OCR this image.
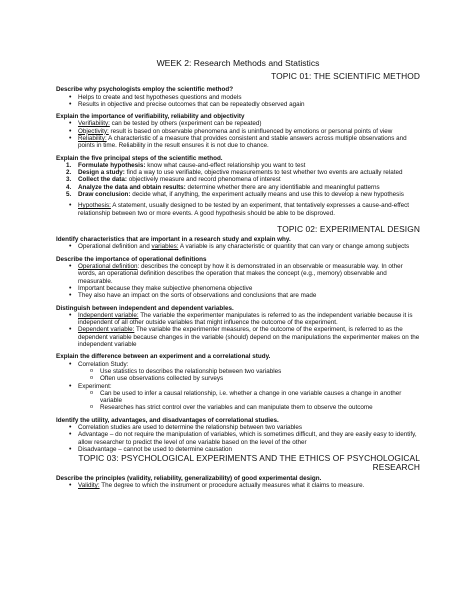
WEEK 2: Research Methods and Statistics
TOPIC 01: THE SCIENTIFIC METHOD
Describe why psychologists employ the scientific method?
• Helps to create and test hypotheses questions and models
• Results in objective and precise outcomes that can be repeatedly observed again
Explain the importance of verifiability, reliability and objectivity
• Verifiability: can be tested by others (experiment can be repeated)
• Objectivity: result is based on observable phenomena and is uninfluenced by emotions or personal points of view
• Reliability: A characteristic of a measure that provides consistent and stable answers across multiple observations and points in time. Reliability in the result ensures it is not due to chance.
Explain the five principal steps of the scientific method.
1. Formulate hypothesis: know what cause-and-effect relationship you want to test
2. Design a study: find a way to use verifiable, objective measurements to test whether two events are actually related
3. Collect the data: objectively measure and record phenomena of interest
4. Analyze the data and obtain results: determine whether there are any identifiable and meaningful patterns
5. Draw conclusion: decide what, if anything, the experiment actually means and use this to develop a new hypothesis
• Hypothesis: A statement, usually designed to be tested by an experiment, that tentatively expresses a cause-and-effect relationship between two or more events. A good hypothesis should be able to be disproved.
TOPIC 02: EXPERIMENTAL DESIGN
Identify characteristics that are important in a research study and explain why.
• Operational definition and variables: A variable is any characteristic or quantity that can vary or change among subjects
Describe the importance of operational definitions
• Operational definition: describes the concept by how it is demonstrated in an observable or measurable way. In other words, an operational definition describes the operation that makes the concept (e.g., memory) observable and measurable.
• Important because they make subjective phenomena objective
• They also have an impact on the sorts of observations and conclusions that are made
Distinguish between independent and dependent variables.
• Independent variable: The variable the experimenter manipulates is referred to as the independent variable because it is independent of all other outside variables that might influence the outcome of the experiment.
• Dependent variable: The variable the experimenter measures, or the outcome of the experiment, is referred to as the dependent variable because changes in the variable (should) depend on the manipulations the experimenter makes on the independent variable
Explain the difference between an experiment and a correlational study.
• Correlation Study:
o Use statistics to describes the relationship between two variables
o Often use observations collected by surveys
• Experiment:
o Can be used to infer a causal relationship, i.e. whether a change in one variable causes a change in another variable
o Researches has strict control over the variables and can manipulate them to observe the outcome
Identify the utility, advantages, and disadvantages of correlational studies.
• Correlation studies are used to determine the relationship between two variables
• Advantage – do not require the manipulation of variables, which is sometimes difficult, and they are easily easy to identify, allow researcher to predict the level of one variable based on the level of the other
• Disadvantage – cannot be used to determine causation
TOPIC 03: PSYCHOLOGICAL EXPERIMENTS AND THE ETHICS OF PSYCHOLOGICAL RESEARCH
Describe the principles (validity, reliability, generalizability) of good experimental design.
• Validity: The degree to which the instrument or procedure actually measures what it claims to measure.
